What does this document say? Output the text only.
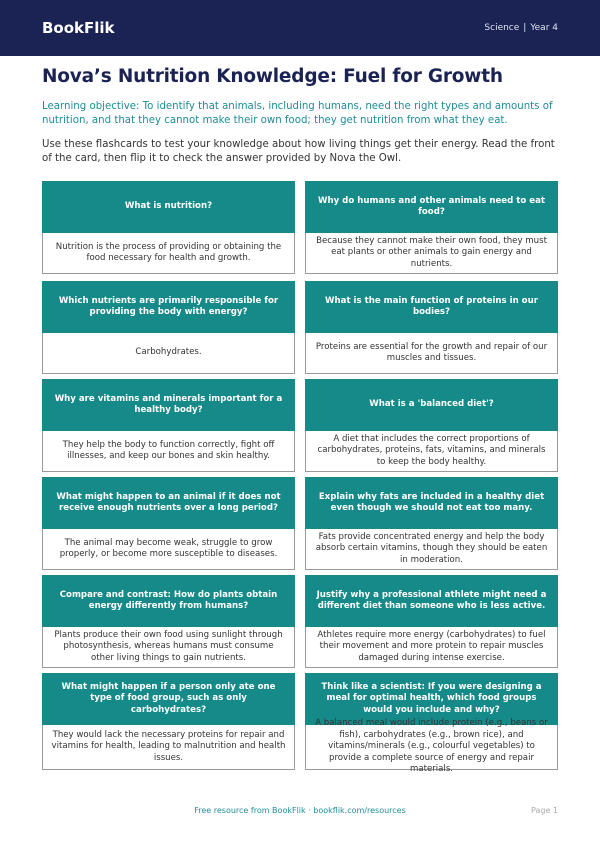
BookFlik	Science | Year 4
Nova’s Nutrition Knowledge: Fuel for Growth

Learning objective: To identify that animals, including humans, need the right types and amounts of nutrition, and that they cannot make their own food; they get nutrition from what they eat.

Use these flashcards to test your knowledge about how living things get their energy. Read the front of the card, then flip it to check the answer provided by Nova the Owl.

What is nutrition?
Nutrition is the process of providing or obtaining the food necessary for health and growth.
Why do humans and other animals need to eat food?
Because they cannot make their own food, they must eat plants or other animals to gain energy and nutrients.
Which nutrients are primarily responsible for providing the body with energy?
Carbohydrates.
What is the main function of proteins in our bodies?
Proteins are essential for the growth and repair of our muscles and tissues.
Why are vitamins and minerals important for a healthy body?
They help the body to function correctly, fight off illnesses, and keep our bones and skin healthy.
What is a 'balanced diet'?
A diet that includes the correct proportions of carbohydrates, proteins, fats, vitamins, and minerals to keep the body healthy.
What might happen to an animal if it does not receive enough nutrients over a long period?
The animal may become weak, struggle to grow properly, or become more susceptible to diseases.
Explain why fats are included in a healthy diet even though we should not eat too many.
Fats provide concentrated energy and help the body absorb certain vitamins, though they should be eaten in moderation.
Compare and contrast: How do plants obtain energy differently from humans?
Plants produce their own food using sunlight through photosynthesis, whereas humans must consume other living things to gain nutrients.
Justify why a professional athlete might need a different diet than someone who is less active.
Athletes require more energy (carbohydrates) to fuel their movement and more protein to repair muscles damaged during intense exercise.
What might happen if a person only ate one type of food group, such as only carbohydrates?
They would lack the necessary proteins for repair and vitamins for health, leading to malnutrition and health issues.
Think like a scientist: If you were designing a meal for optimal health, which food groups would you include and why?
fish), carbohydrates (e.g., brown rice), and vitamins/minerals (e.g., colourful vegetables) to provide a complete source of energy and repair materials.
Free resource from BookFlik · bookflik.com/resources	Page 1
